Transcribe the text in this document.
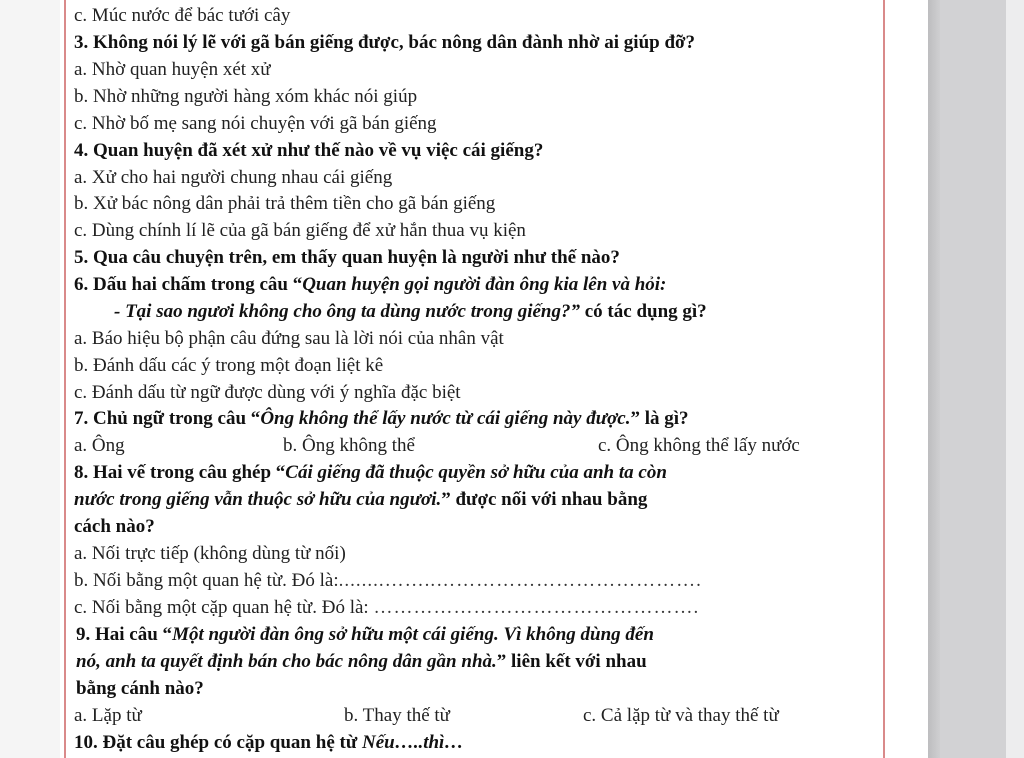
c. Múc nước để bác tưới cây
3. Không nói lý lẽ với gã bán giếng được, bác nông dân đành nhờ ai giúp đỡ?
a. Nhờ quan huyện xét xử
b. Nhờ những người hàng xóm khác nói giúp
c. Nhờ bố mẹ sang nói chuyện với gã bán giếng
4. Quan huyện đã xét xử như thế nào về vụ việc cái giếng?
a. Xử cho hai người chung nhau cái giếng
b. Xử bác nông dân phải trả thêm tiền cho gã bán giếng
c. Dùng chính lí lẽ của gã bán giếng để xử hắn thua vụ kiện
5. Qua câu chuyện trên, em thấy quan huyện là người như thế nào?
6. Dấu hai chấm trong câu “Quan huyện gọi người đàn ông kia lên và hỏi:
- Tại sao ngươi không cho ông ta dùng nước trong giếng?” có tác dụng gì?
a. Báo hiệu bộ phận câu đứng sau là lời nói của nhân vật
b. Đánh dấu các ý trong một đoạn liệt kê
c. Đánh dấu từ ngữ được dùng với ý nghĩa đặc biệt
7. Chủ ngữ trong câu “Ông không thể lấy nước từ cái giếng này được.” là gì?
a. Ông	b. Ông không thể	c. Ông không thể lấy nước
8. Hai vế trong câu ghép “Cái giếng đã thuộc quyền sở hữu của anh ta còn
nước trong giếng vẫn thuộc sở hữu của ngươi.” được nối với nhau bằng
cách nào?
a. Nối trực tiếp (không dùng từ nối)
b. Nối bằng một quan hệ từ. Đó là:........……..………………………………….
c. Nối bằng một cặp quan hệ từ. Đó là: ………………………………………….
9. Hai câu “Một người đàn ông sở hữu một cái giếng. Vì không dùng đến
nó, anh ta quyết định bán cho bác nông dân gần nhà.” liên kết với nhau
bằng cánh nào?
a. Lặp từ	b. Thay thế từ	c. Cả lặp từ và thay thế từ
10. Đặt câu ghép có cặp quan hệ từ Nếu…..thì…
